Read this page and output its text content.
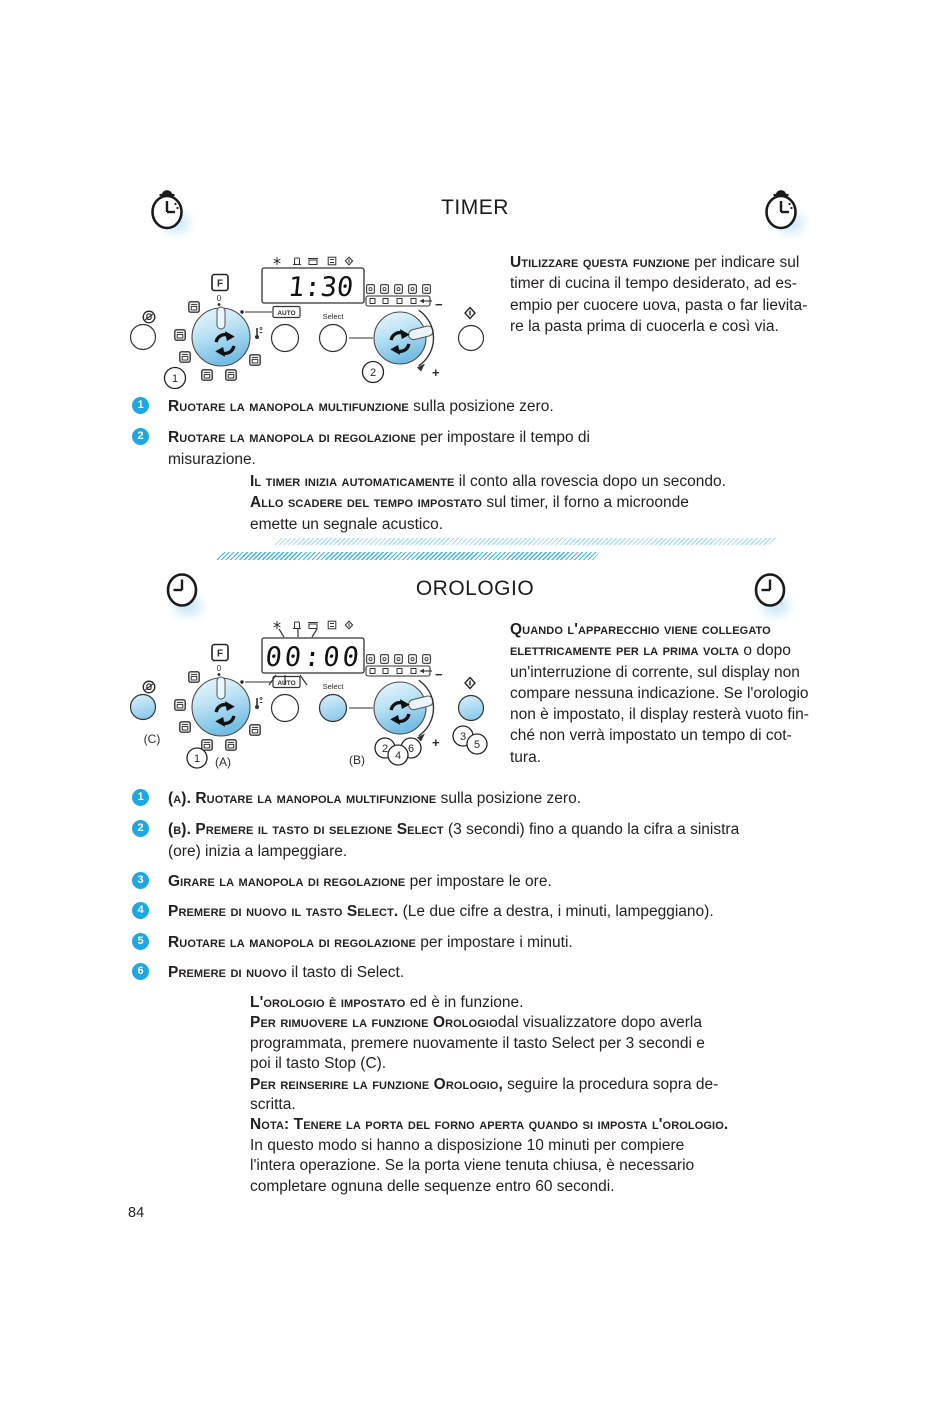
TIMER
F
0
AUTO	Select
−
+
1:30
1	2
Utilizzare questa funzione per indicare sul
timer di cucina il tempo desiderato, ad es-
empio per cuocere uova, pasta o far lievita-
re la pasta prima di cuocerla e così via.
1	Ruotare la manopola multifunzione sulla posizione zero.
2	Ruotare la manopola di regolazione per impostare il tempo di
misurazione.
Il timer inizia automaticamente il conto alla rovescia dopo un secondo.
Allo scadere del tempo impostato sul timer, il forno a microonde
emette un segnale acustico.
OROLOGIO
(C)
F
0
AUTO	Select
−
+
00:00
1 (A)	(B)
2 6
4
3
5
Quando l'apparecchio viene collegato
elettricamente per la prima volta o dopo
un'interruzione di corrente, sul display non
compare nessuna indicazione. Se l'orologio
non è impostato, il display resterà vuoto fin-
ché non verrà impostato un tempo di cot-
tura.
1	(a). Ruotare la manopola multifunzione sulla posizione zero.
2	(b). Premere il tasto di selezione Select (3 secondi) fino a quando la cifra a sinistra
(ore) inizia a lampeggiare.
3	Girare la manopola di regolazione per impostare le ore.
4	Premere di nuovo il tasto Select. (Le due cifre a destra, i minuti, lampeggiano).
5	Ruotare la manopola di regolazione per impostare i minuti.
6	Premere di nuovo il tasto di Select.
L'orologio è impostato ed è in funzione.
Per rimuovere la funzione Orologiodal visualizzatore dopo averla
programmata, premere nuovamente il tasto Select per 3 secondi e
poi il tasto Stop (C).
Per reinserire la funzione Orologio, seguire la procedura sopra de-
scritta.
Nota: Tenere la porta del forno aperta quando si imposta l'orologio.
In questo modo si hanno a disposizione 10 minuti per compiere
l'intera operazione. Se la porta viene tenuta chiusa, è necessario
completare ognuna delle sequenze entro 60 secondi.
84
